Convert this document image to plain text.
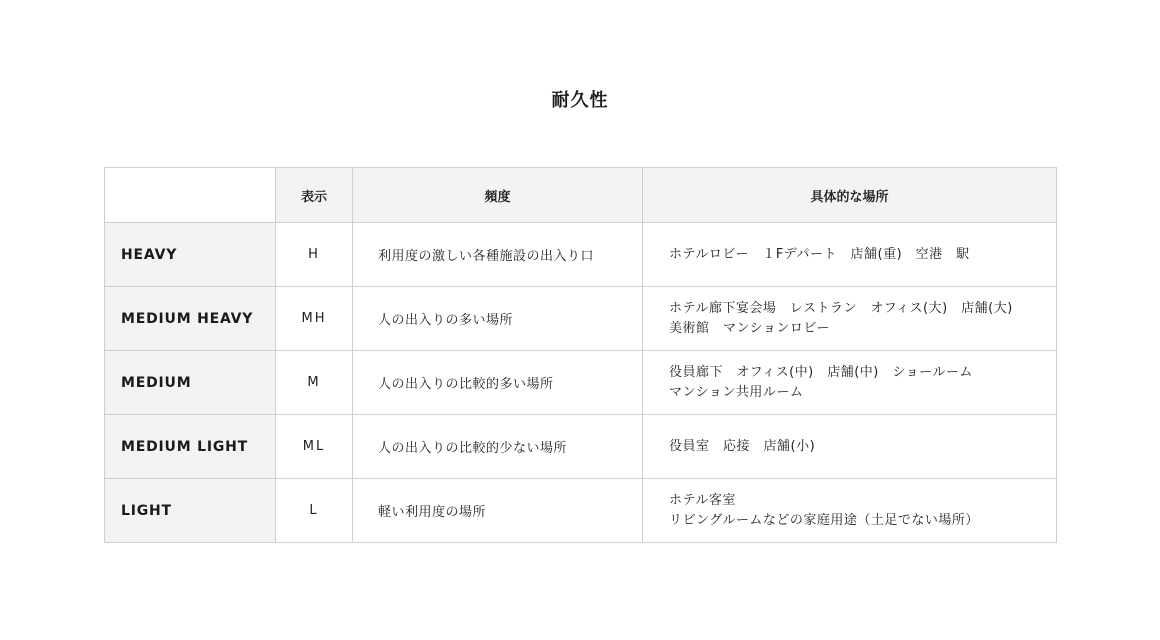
耐久性
	表示	頻度	具体的な場所
HEAVY	H	利用度の激しい各種施設の出入り口	ホテルロビー　１Fデパート　店舗(重)　空港　駅

MEDIUM HEAVY	MH	人の出入りの多い場所	ホテル廊下宴会場　レストラン　オフィス(大)　店舗(大)
美術館　マンションロビー

MEDIUM	M	人の出入りの比較的多い場所	役員廊下　オフィス(中)　店舗(中)　ショールーム
マンション共用ルーム

MEDIUM LIGHT	ML	人の出入りの比較的少ない場所	役員室　応接　店舗(小)

LIGHT	L	軽い利用度の場所	ホテル客室
リビングルームなどの家庭用途（土足でない場所）
